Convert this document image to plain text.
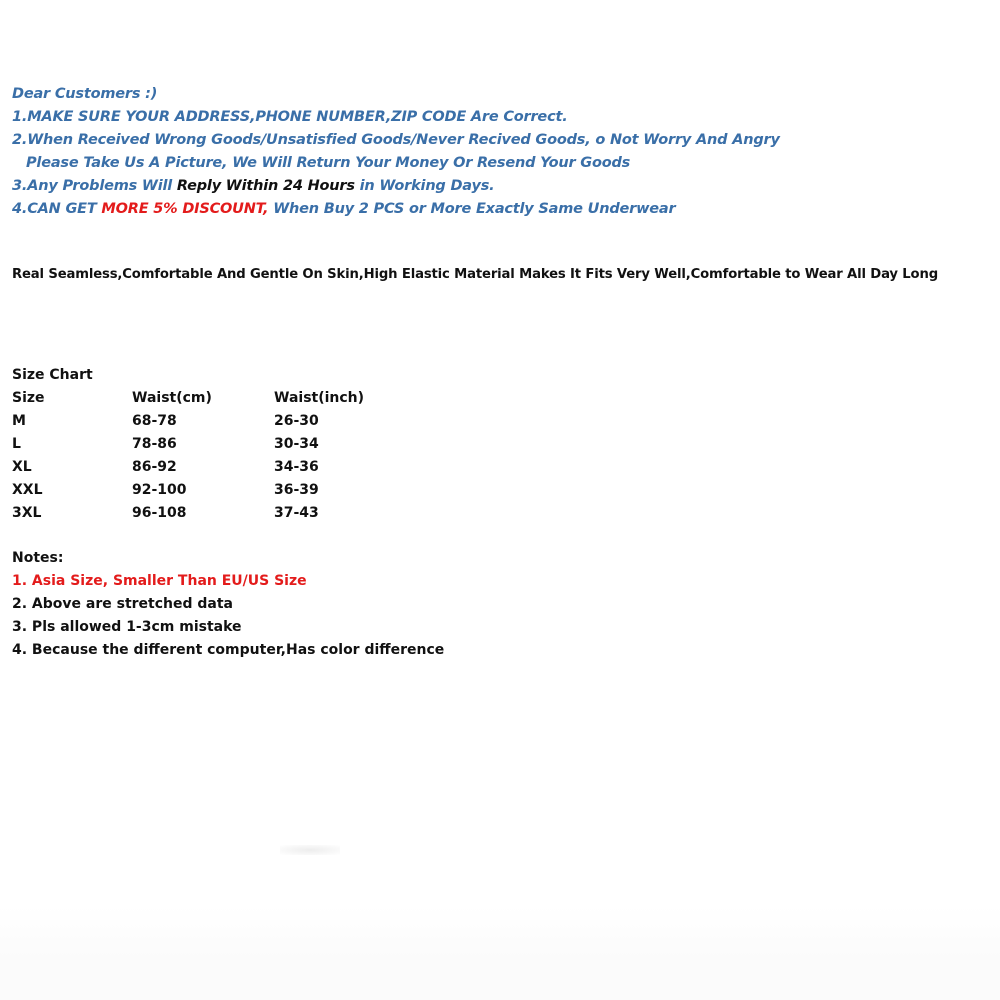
Dear Customers :)
1.MAKE SURE YOUR ADDRESS,PHONE NUMBER,ZIP CODE Are Correct.
2.When Received Wrong Goods/Unsatisfied Goods/Never Recived Goods, o Not Worry And Angry
Please Take Us A Picture, We Will Return Your Money Or Resend Your Goods
3.Any Problems Will Reply Within 24 Hours in Working Days.
4.CAN GET MORE 5% DISCOUNT, When Buy 2 PCS or More Exactly Same Underwear
Real Seamless,Comfortable And Gentle On Skin,High Elastic Material Makes It Fits Very Well,Comfortable to Wear All Day Long
Size Chart
Size	Waist(cm)	Waist(inch)
M	68-78	26-30
L	78-86	30-34
XL	86-92	34-36
XXL	92-100	36-39
3XL	96-108	37-43
Notes:
1. Asia Size, Smaller Than EU/US Size
2. Above are stretched data
3. Pls allowed 1-3cm mistake
4. Because the different computer,Has color difference
